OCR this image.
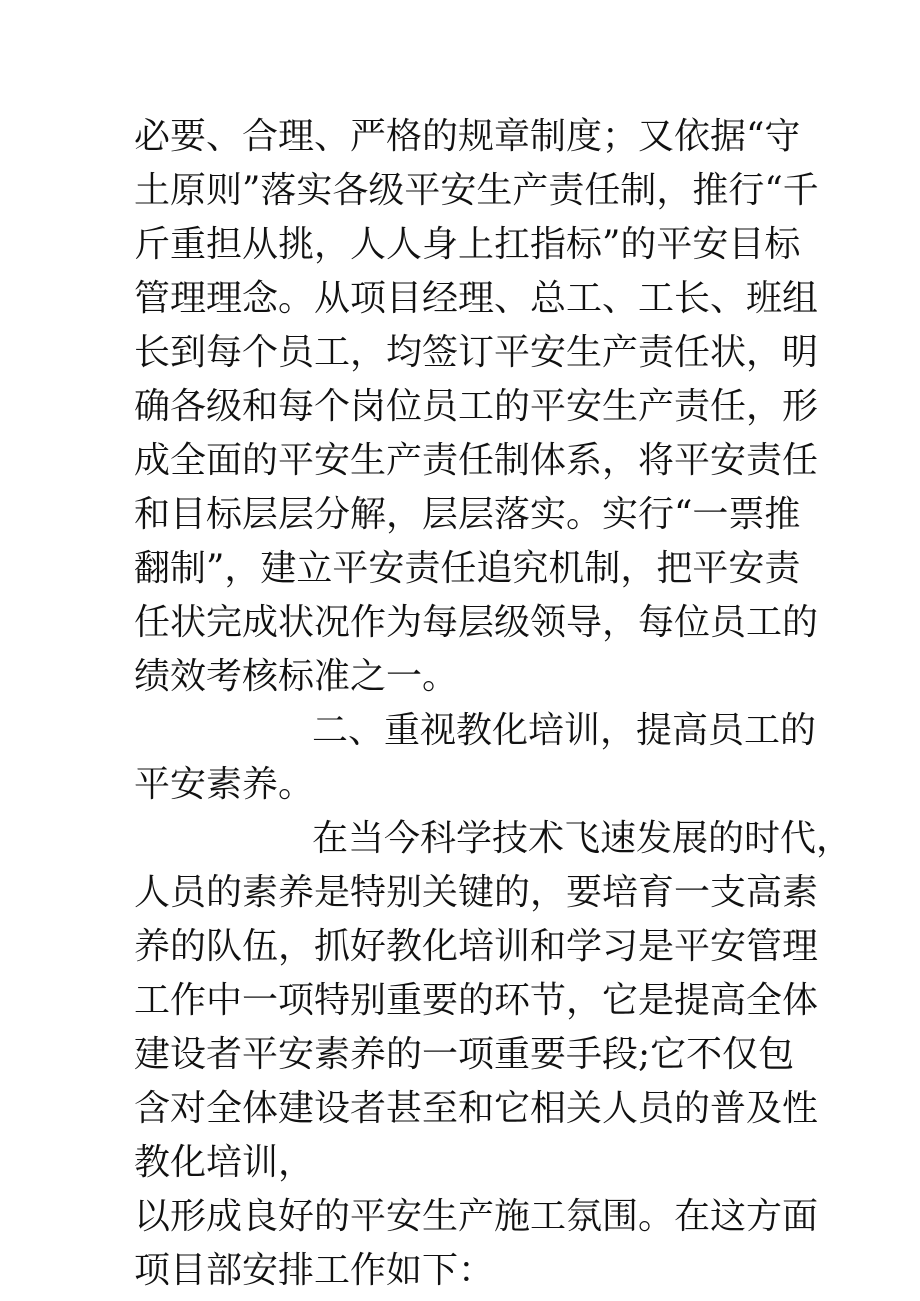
必要、合理、严格的规章制度；又依据“守
土原则”落实各级平安生产责任制，推行“千
斤重担从挑，人人身上扛指标”的平安目标
管理理念。从项目经理、总工、工长、班组
长到每个员工，均签订平安生产责任状，明
确各级和每个岗位员工的平安生产责任，形
成全面的平安生产责任制体系，将平安责任
和目标层层分解，层层落实。实行“一票推
翻制”，建立平安责任追究机制，把平安责
任状完成状况作为每层级领导，每位员工的
绩效考核标准之一。
二、重视教化培训，提高员工的
平安素养。
在当今科学技术飞速发展的时代，
人员的素养是特别关键的，要培育一支高素
养的队伍，抓好教化培训和学习是平安管理
工作中一项特别重要的环节，它是提高全体
建设者平安素养的一项重要手段;它不仅包
含对全体建设者甚至和它相关人员的普及性
教化培训，
以形成良好的平安生产施工氛围。在这方面
项目部安排工作如下：
